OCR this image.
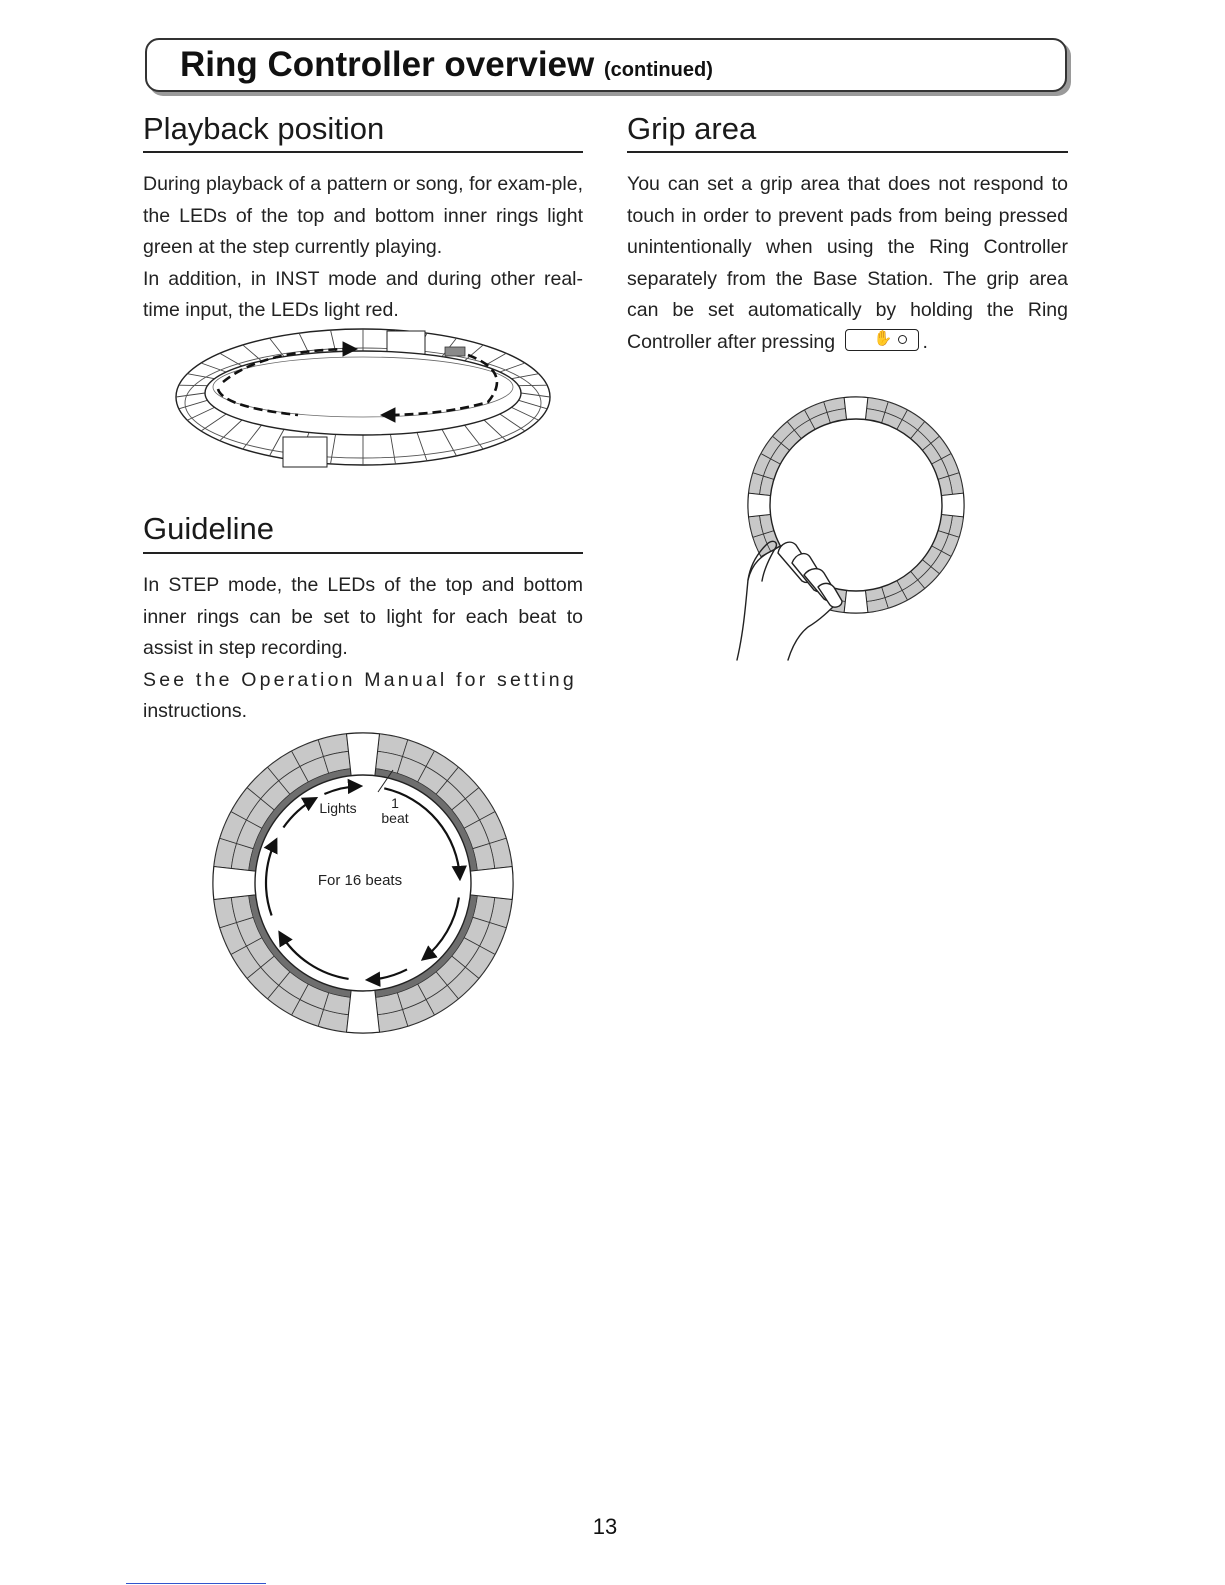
Ring Controller overview (continued)
Playback position

During playback of a pattern or song, for exam-ple, the LEDs of the top and bottom inner rings light green at the step currently playing.

In addition, in INST mode and during other real-time input, the LEDs light red.

Guideline

In STEP mode, the LEDs of the top and bottom inner rings can be set to light for each beat to assist in step recording.

See the Operation Manual for setting
instructions.

Lights 1
beat
For 16 beats
Grip area

You can set a grip area that does not respond to touch in order to prevent pads from being pressed unintentionally when using the Ring Controller separately from the Base Station. The grip area can be set automatically by holding the Ring Controller after pressing	✋ .

13
